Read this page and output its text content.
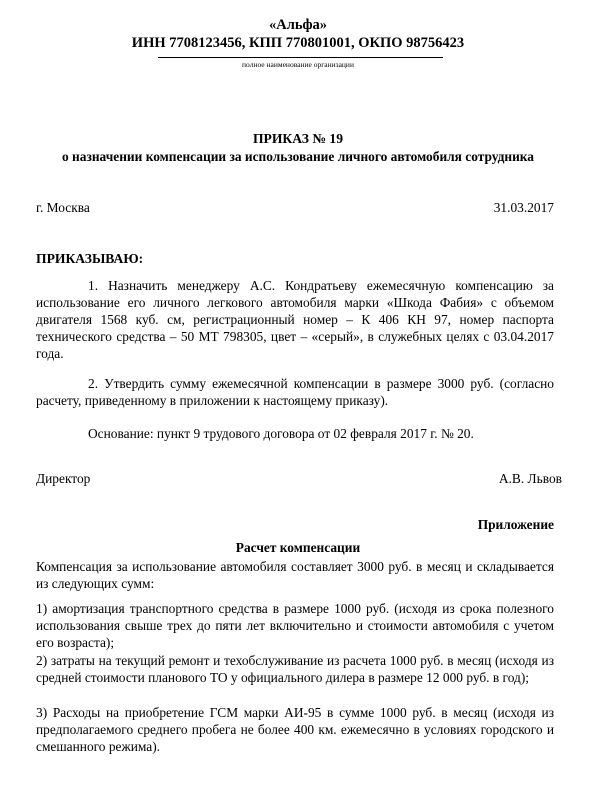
«Альфа»
ИНН 7708123456, КПП 770801001, ОКПО 98756423
полное наименование организации
ПРИКАЗ № 19
о назначении компенсации за использование личного автомобиля сотрудника
г. Москва	31.03.2017
ПРИКАЗЫВАЮ:
1. Назначить менеджеру А.С. Кондратьеву ежемесячную компенсацию за использование его личного легкового автомобиля марки «Шкода Фабия» с объемом двигателя 1568 куб. см, регистрационный номер – К 406 КН 97, номер паспорта технического средства – 50 МТ 798305, цвет – «серый», в служебных целях с 03.04.2017 года.
2. Утвердить сумму ежемесячной компенсации в размере 3000 руб. (согласно расчету, приведенному в приложении к настоящему приказу).
Основание: пункт 9 трудового договора от 02 февраля 2017 г. № 20.
Директор	А.В. Львов
Приложение
Расчет компенсации
Компенсация за использование автомобиля составляет 3000 руб. в месяц и складывается из следующих сумм:
1) амортизация транспортного средства в размере 1000 руб. (исходя из срока полезного использования свыше трех до пяти лет включительно и стоимости автомобиля с учетом его возраста);
2) затраты на текущий ремонт и техобслуживание из расчета 1000 руб. в месяц (исходя из средней стоимости планового ТО у официального дилера в размере 12 000 руб. в год);
3) Расходы на приобретение ГСМ марки АИ-95 в сумме 1000 руб. в месяц (исходя из предполагаемого среднего пробега не более 400 км. ежемесячно в условиях городского и смешанного режима).
